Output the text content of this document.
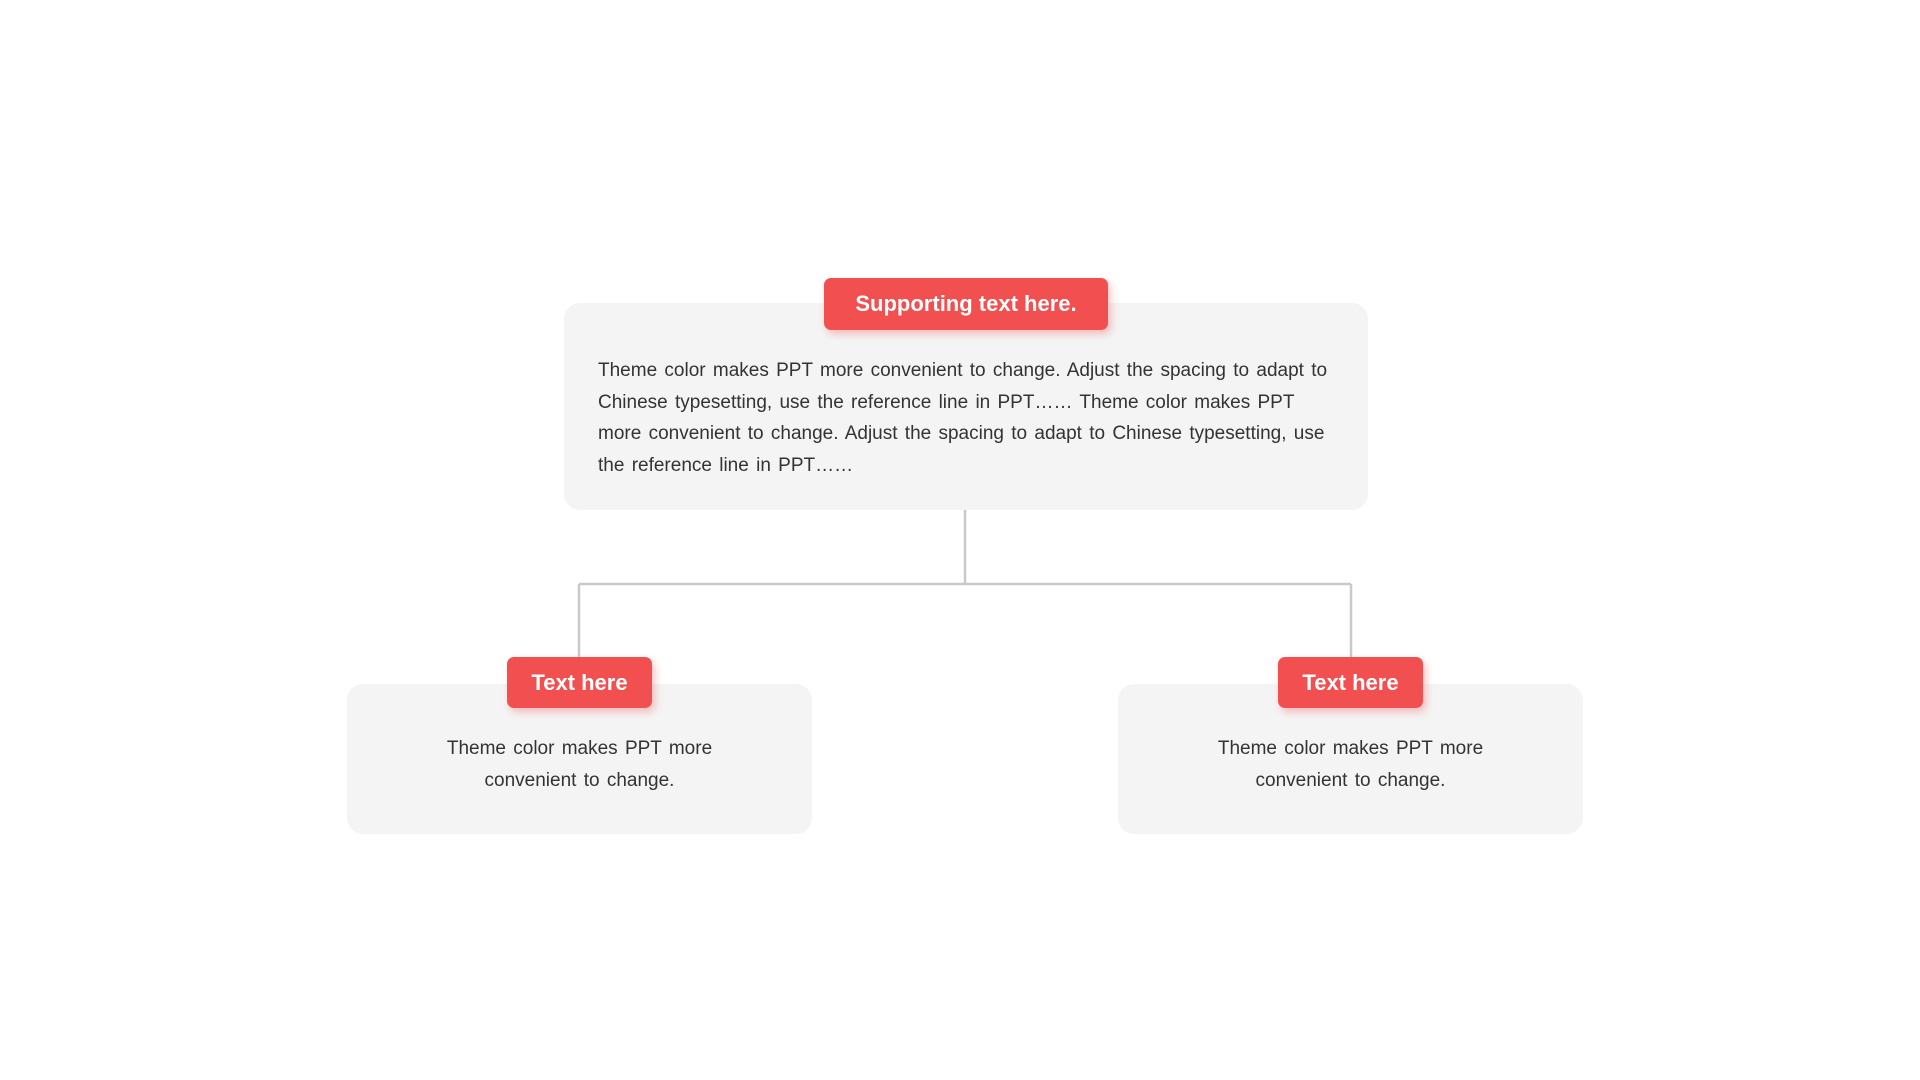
Theme color makes PPT more convenient to change. Adjust the spacing to adapt to Chinese typesetting, use the reference line in PPT…… Theme color makes PPT more convenient to change. Adjust the spacing to adapt to Chinese typesetting, use the reference line in PPT……
Supporting text here.
Theme color makes PPT more convenient to change.
Text here
Theme color makes PPT more convenient to change.
Text here
